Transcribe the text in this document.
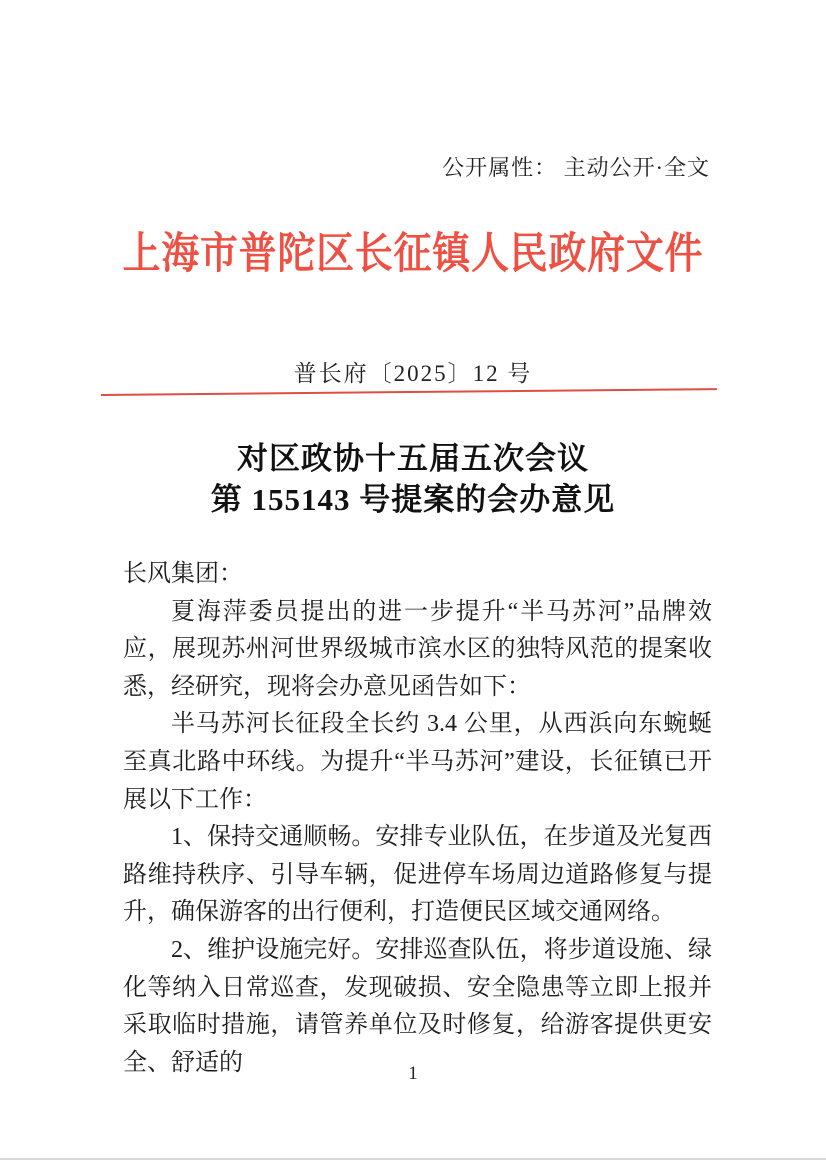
公开属性： 主动公开·全文
上海市普陀区长征镇人民政府文件
普长府〔2025〕12 号
对区政协十五届五次会议
第 155143 号提案的会办意见

长风集团：

夏海萍委员提出的进一步提升“半马苏河”品牌效应，展现苏州河世界级城市滨水区的独特风范的提案收悉，经研究，现将会办意见函告如下：

半马苏河长征段全长约 3.4 公里，从西浜向东蜿蜒至真北路中环线。为提升“半马苏河”建设，长征镇已开展以下工作：

1、保持交通顺畅。安排专业队伍，在步道及光复西路维持秩序、引导车辆，促进停车场周边道路修复与提升，确保游客的出行便利，打造便民区域交通网络。

2、维护设施完好。安排巡查队伍，将步道设施、绿化等纳入日常巡查，发现破损、安全隐患等立即上报并采取临时措施，请管养单位及时修复，给游客提供更安全、舒适的	1
